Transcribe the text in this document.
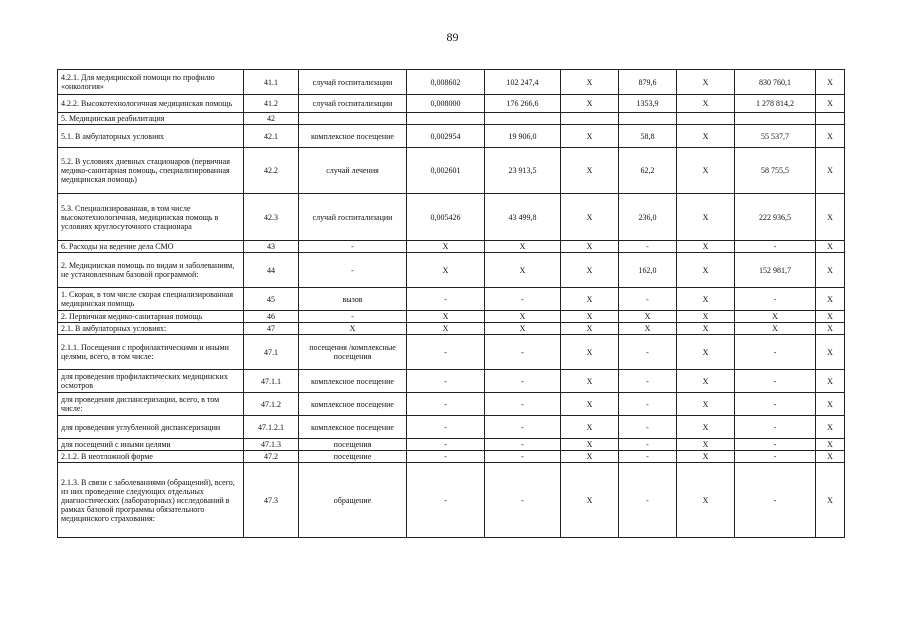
89
4.2.1. Для медицинской помощи по профилю «онкология»	41.1	случай госпитализации	0,008602	102 247,4	X	879,6	X	830 760,1	X
4.2.2. Высокотехнологичная медицинская помощь	41.2	случай госпитализации	0,008000	176 266,6	X	1353,9	X	1 278 814,2	X
5. Медицинская реабилитация	42								
5.1. В амбулаторных условиях	42.1	комплексное посещение	0,002954	19 906,0	X	58,8	X	55 537,7	X
5.2. В условиях дневных стационаров (первичная медико-санитарная помощь, специализированная медицинская помощь)	42.2	случай лечения	0,002601	23 913,5	X	62,2	X	58 755,5	X
5.3. Специализированная, в том числе высокотехнологичная, медицинская помощь в условиях круглосуточного стационара	42.3	случай госпитализации	0,005426	43 499,8	X	236,0	X	222 936,5	X
6. Расходы на ведение дела СМО	43	-	X	X	X	-	X	-	X
2. Медицинская помощь по видам и заболеваниям, не установленным базовой программой:	44	-	X	X	X	162,0	X	152 981,7	X
1. Скорая, в том числе скорая специализированная медицинская помощь	45	вызов	-	-	X	-	X	-	X
2. Первичная медико-санитарная помощь	46	-	X	X	X	X	X	X	X
2.1. В амбулаторных условиях:	47	X	X	X	X	X	X	X	X
2.1.1. Посещения с профилактическими и иными целями, всего, в том числе:	47.1	посещения /комплексные посещения	-	-	X	-	X	-	X
для проведения профилактических медицинских осмотров	47.1.1	комплексное посещение	-	-	X	-	X	-	X
для проведения диспансеризации, всего, в том числе:	47.1.2	комплексное посещение	-	-	X	-	X	-	X
для проведения углубленной диспансеризации	47.1.2.1	комплексное посещение	-	-	X	-	X	-	X
для посещений с иными целями	47.1.3	посещения	-	-	X	-	X	-	X
2.1.2. В неотложной форме	47.2	посещение	-	-	X	-	X	-	X
2.1.3. В связи с заболеваниями (обращений), всего, из них проведение следующих отдельных диагностических (лабораторных) исследований в рамках базовой программы обязательного медицинского страхования:	47.3	обращение	-	-	X	-	X	-	X
